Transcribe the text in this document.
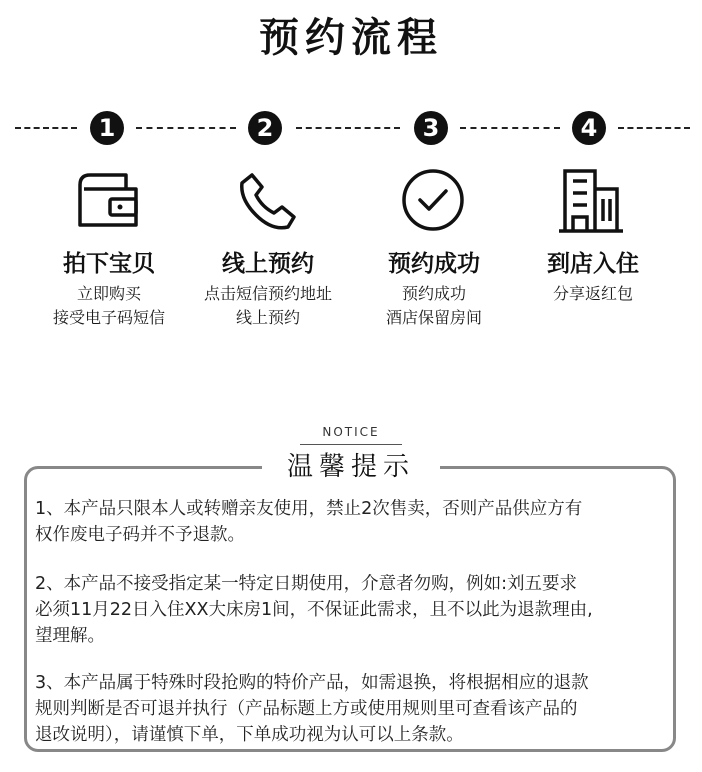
预约流程
1	2	3	4
拍下宝贝	线上预约	预约成功	到店入住
立即购买
接受电子码短信
点击短信预约地址
线上预约
预约成功
酒店保留房间
分享返红包
NOTICE
温馨提示
1、本产品只限本人或转赠亲友使用，禁止2次售卖，否则产品供应方有
权作废电子码并不予退款。
2、本产品不接受指定某一特定日期使用，介意者勿购，例如:刘五要求
必须11月22日入住XX大床房1间，不保证此需求，且不以此为退款理由,
望理解。
3、本产品属于特殊时段抢购的特价产品，如需退换，将根据相应的退款
规则判断是否可退并执行（产品标题上方或使用规则里可查看该产品的
退改说明），请谨慎下单，下单成功视为认可以上条款。
